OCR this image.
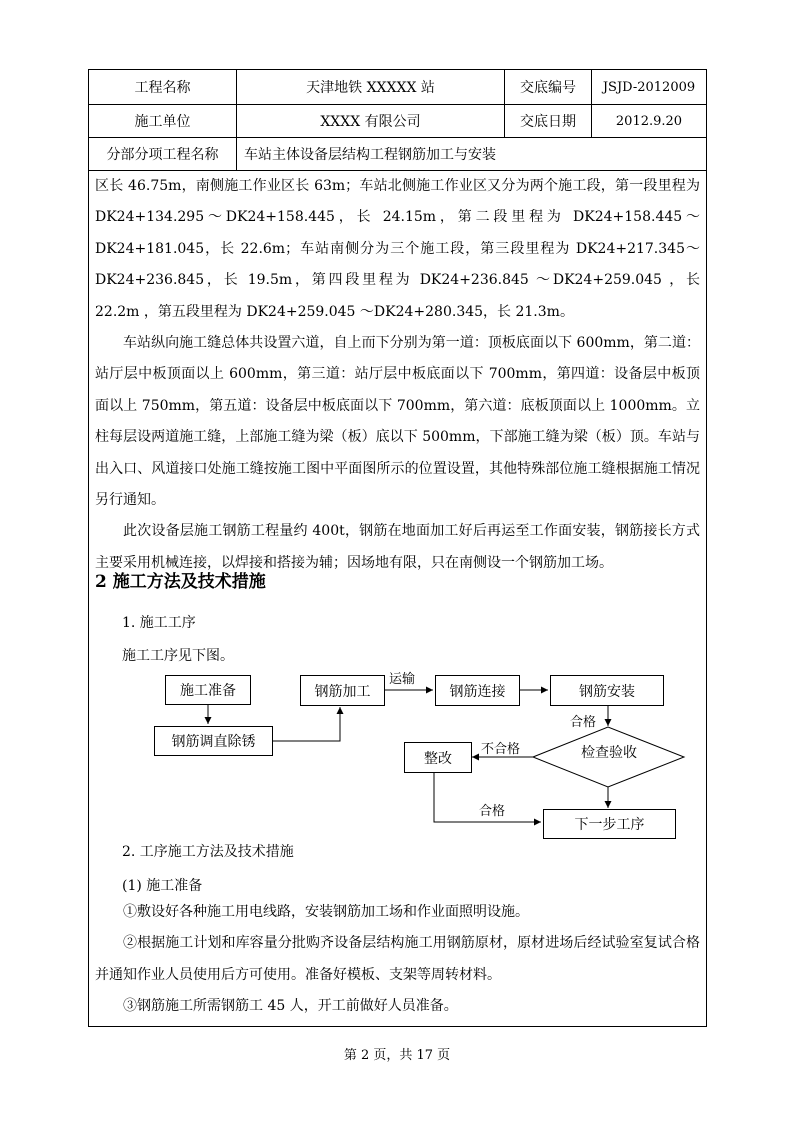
工程名称	天津地铁 XXXXX 站	交底编号	JSJD-2012009
施工单位	XXXX 有限公司	交底日期	2012.9.20
分部分项工程名称	车站主体设备层结构工程钢筋加工与安装

区长 46.75m，南侧施工作业区长 63m；车站北侧施工作业区又分为两个施工段，第一段里程为 DK24+134.295～DK24+158.445，长 24.15m，第二段里程为 DK24+158.445～DK24+181.045，长 22.6m；车站南侧分为三个施工段，第三段里程为 DK24+217.345～DK24+236.845，长 19.5m，第四段里程为 DK24+236.845 ～DK24+259.045 ，长 22.2m ，第五段里程为 DK24+259.045 ～DK24+280.345，长 21.3m。

车站纵向施工缝总体共设置六道，自上而下分别为第一道：顶板底面以下 600mm，第二道：站厅层中板顶面以上 600mm，第三道：站厅层中板底面以下 700mm，第四道：设备层中板顶面以上 750mm，第五道：设备层中板底面以下 700mm，第六道：底板顶面以上 1000mm。立柱每层设两道施工缝，上部施工缝为梁（板）底以下 500mm，下部施工缝为梁（板）顶。车站与出入口、风道接口处施工缝按施工图中平面图所示的位置设置，其他特殊部位施工缝根据施工情况另行通知。

此次设备层施工钢筋工程量约 400t，钢筋在地面加工好后再运至工作面安装，钢筋接长方式主要采用机械连接，以焊接和搭接为辅；因场地有限，只在南侧设一个钢筋加工场。

2 施工方法及技术措施
1. 施工工序
施工工序见下图。
施工准备
钢筋调直除锈
钢筋加工	钢筋连接	钢筋安装
检查验收
整改
下一步工序
运输
合格
不合格
合格
2. 工序施工方法及技术措施
(1) 施工准备

①敷设好各种施工用电线路，安装钢筋加工场和作业面照明设施。

②根据施工计划和库容量分批购齐设备层结构施工用钢筋原材，原材进场后经试验室复试合格并通知作业人员使用后方可使用。准备好模板、支架等周转材料。

③钢筋施工所需钢筋工 45 人，开工前做好人员准备。

第 2 页，共 17 页
